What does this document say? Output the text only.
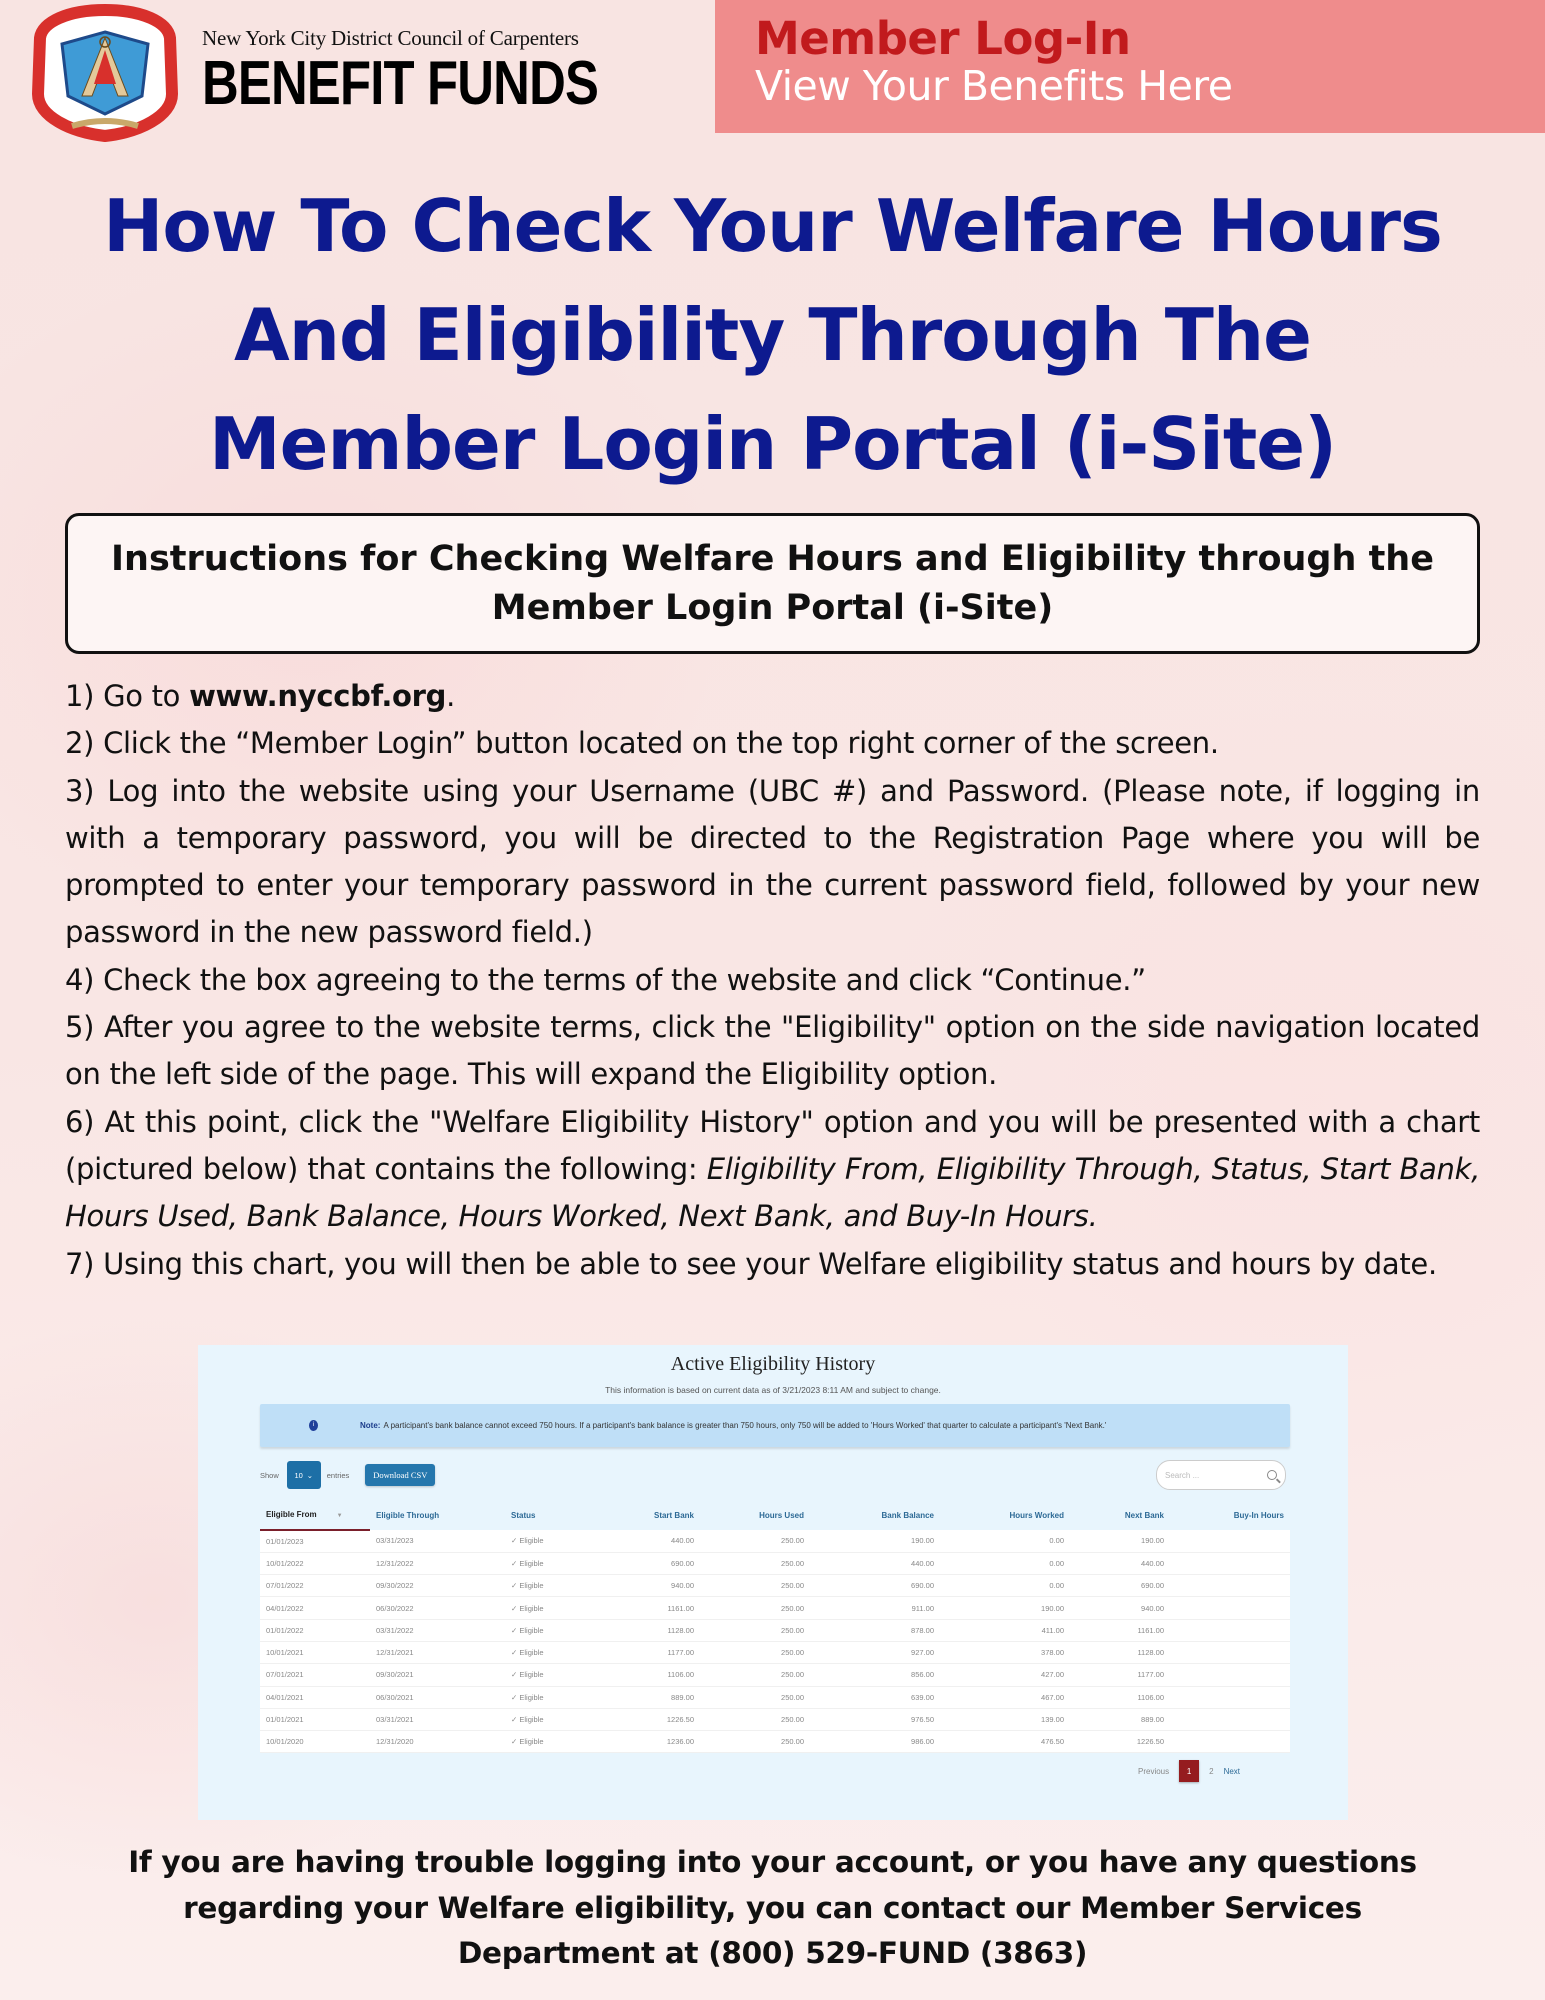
New York City District Council of Carpenters
BENEFIT FUNDS
Member Log-In
View Your Benefits Here
How To Check Your Welfare Hours
And Eligibility Through The
Member Login Portal (i-Site)
Instructions for Checking Welfare Hours and Eligibility through the Member Login Portal (i-Site)
1) Go to www.nyccbf.org.
2) Click the “Member Login” button located on the top right corner of the screen.
3) Log into the website using your Username (UBC #) and Password. (Please note, if logging in with a temporary password, you will be directed to the Registration Page where you will be prompted to enter your temporary password in the current password field, followed by your new password in the new password field.)
4) Check the box agreeing to the terms of the website and click “Continue.”
5) After you agree to the website terms, click the "Eligibility" option on the side navigation located on the left side of the page. This will expand the Eligibility option.
6) At this point, click the "Welfare Eligibility History" option and you will be presented with a chart (pictured below) that contains the following: Eligibility From, Eligibility Through, Status, Start Bank, Hours Used, Bank Balance, Hours Worked, Next Bank, and Buy-In Hours.
7) Using this chart, you will then be able to see your Welfare eligibility status and hours by date.
Active Eligibility History
This information is based on current data as of 3/21/2023 8:11 AM and subject to change.
i	Note: A participant's bank balance cannot exceed 750 hours. If a participant's bank balance is greater than 750 hours, only 750 will be added to 'Hours Worked' that quarter to calculate a participant's 'Next Bank.'
Show 10 ⌄ entries	Download CSV	Search ...
Eligible From ▼	Eligible Through	Status	Start Bank	Hours Used	Bank Balance	Hours Worked	Next Bank	Buy-In Hours
01/01/2023	03/31/2023	✓ Eligible	440.00	250.00	190.00	0.00	190.00	
10/01/2022	12/31/2022	✓ Eligible	690.00	250.00	440.00	0.00	440.00	
07/01/2022	09/30/2022	✓ Eligible	940.00	250.00	690.00	0.00	690.00	
04/01/2022	06/30/2022	✓ Eligible	1161.00	250.00	911.00	190.00	940.00	
01/01/2022	03/31/2022	✓ Eligible	1128.00	250.00	878.00	411.00	1161.00	
10/01/2021	12/31/2021	✓ Eligible	1177.00	250.00	927.00	378.00	1128.00	
07/01/2021	09/30/2021	✓ Eligible	1106.00	250.00	856.00	427.00	1177.00	
04/01/2021	06/30/2021	✓ Eligible	889.00	250.00	639.00	467.00	1106.00	
01/01/2021	03/31/2021	✓ Eligible	1226.50	250.00	976.50	139.00	889.00	
10/01/2020	12/31/2020	✓ Eligible	1236.00	250.00	986.00	476.50	1226.50	
Previous	1	2 Next
If you are having trouble logging into your account, or you have any questions
regarding your Welfare eligibility, you can contact our Member Services
Department at (800) 529-FUND (3863)
